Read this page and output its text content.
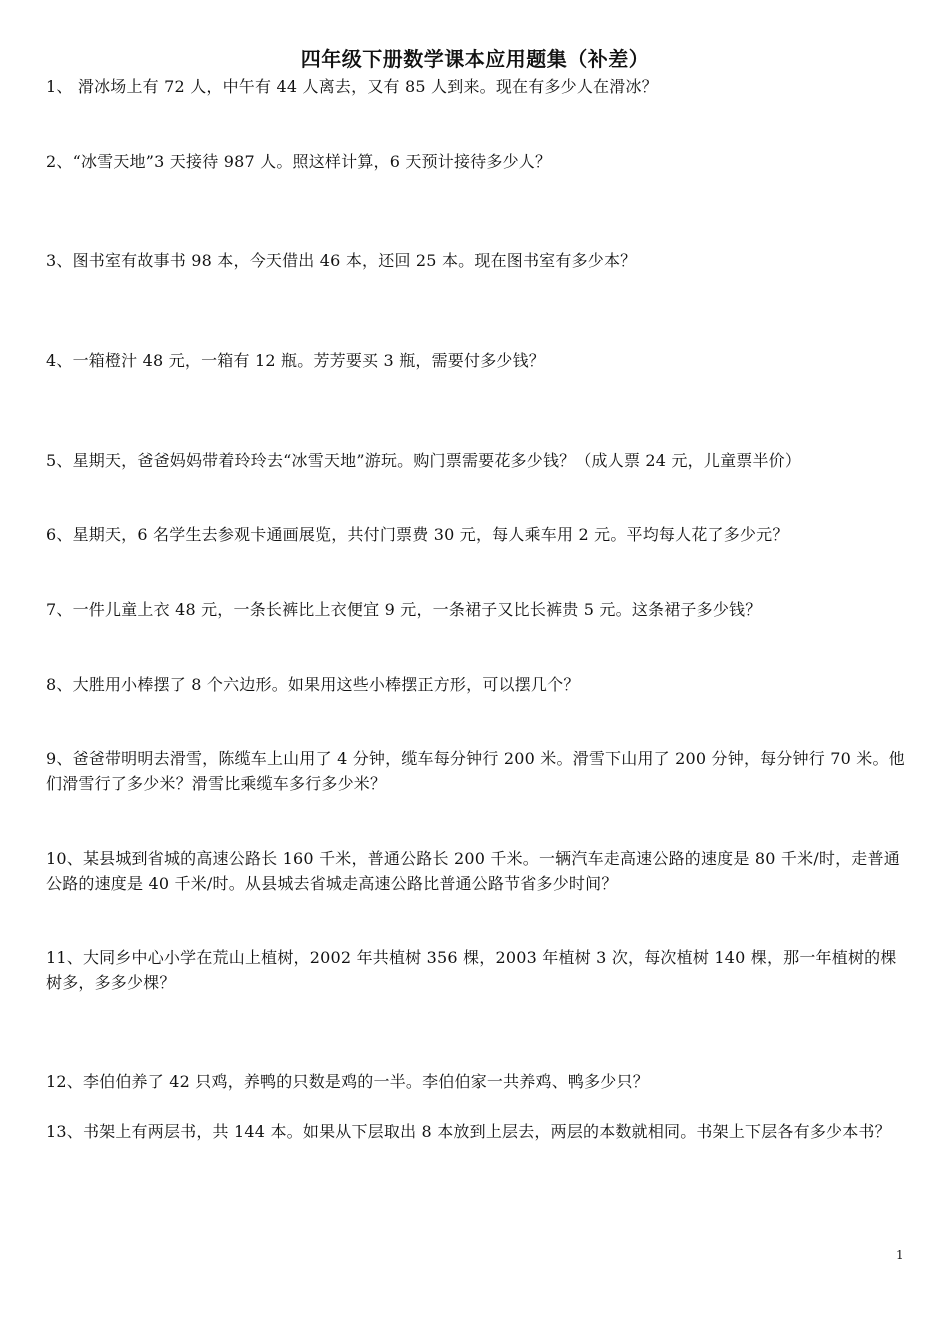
四年级下册数学课本应用题集（补差）
1、 滑冰场上有 72 人，中午有 44 人离去，又有 85 人到来。现在有多少人在滑冰？
2、“冰雪天地”3 天接待 987 人。照这样计算，6 天预计接待多少人？
3、图书室有故事书 98 本，今天借出 46 本，还回 25 本。现在图书室有多少本？
4、一箱橙汁 48 元，一箱有 12 瓶。芳芳要买 3 瓶，需要付多少钱？
5、星期天，爸爸妈妈带着玲玲去“冰雪天地”游玩。购门票需要花多少钱？（成人票 24 元，儿童票半价）
6、星期天，6 名学生去参观卡通画展览，共付门票费 30 元，每人乘车用 2 元。平均每人花了多少元？
7、一件儿童上衣 48 元，一条长裤比上衣便宜 9 元，一条裙子又比长裤贵 5 元。这条裙子多少钱？
8、大胜用小棒摆了 8 个六边形。如果用这些小棒摆正方形，可以摆几个？
9、爸爸带明明去滑雪，陈缆车上山用了 4 分钟，缆车每分钟行 200 米。滑雪下山用了 200 分钟，每分钟行 70 米。他们滑雪行了多少米？滑雪比乘缆车多行多少米？
10、某县城到省城的高速公路长 160 千米，普通公路长 200 千米。一辆汽车走高速公路的速度是 80 千米/时，走普通公路的速度是 40 千米/时。从县城去省城走高速公路比普通公路节省多少时间？
11、大同乡中心小学在荒山上植树，2002 年共植树 356 棵，2003 年植树 3 次，每次植树 140 棵，那一年植树的棵树多，多多少棵？
12、李伯伯养了 42 只鸡，养鸭的只数是鸡的一半。李伯伯家一共养鸡、鸭多少只？
13、书架上有两层书，共 144 本。如果从下层取出 8 本放到上层去，两层的本数就相同。书架上下层各有多少本书？
1
